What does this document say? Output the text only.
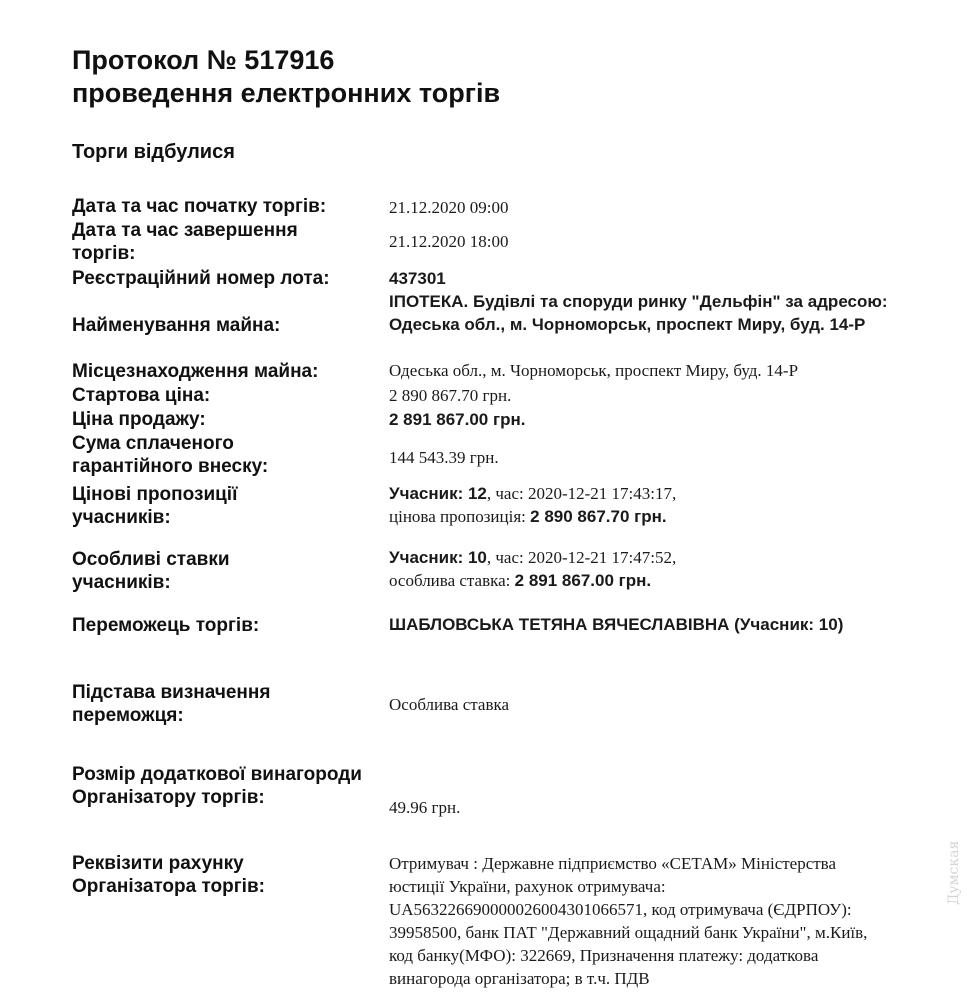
Протокол № 517916
проведення електронних торгів
Торги відбулися
Дата та час початку торгів:	21.12.2020 09:00
Дата та час завершення торгів:
21.12.2020 18:00
Реєстраційний номер лота:	437301
Найменування майна:
ІПОТЕКА. Будівлі та споруди ринку "Дельфін" за адресою: Одеська обл., м. Чорноморськ, проспект Миру, буд. 14-Р
Місцезнаходження майна:	Одеська обл., м. Чорноморськ, проспект Миру, буд. 14-Р
Стартова ціна:	2 890 867.70 грн.
Ціна продажу:	2 891 867.00 грн.
Сума сплаченого гарантійного внеску:	144 543.39 грн.
Цінові пропозиції учасників:
Учасник: 12, час: 2020-12-21 17:43:17,
цінова пропозиція: 2 890 867.70 грн.
Особливі ставки учасників:
Учасник: 10, час: 2020-12-21 17:47:52,
особлива ставка: 2 891 867.00 грн.
Переможець торгів:	ШАБЛОВСЬКА ТЕТЯНА ВЯЧЕСЛАВІВНА (Учасник: 10)
Підстава визначення переможця:
Особлива ставка
Розмір додаткової винагороди Організатору торгів:	49.96 грн.
Реквізити рахунку Організатора торгів:
Отримувач : Державне підприємство «СЕТАМ» Міністерства юстиції України, рахунок отримувача: UA563226690000026004301066571, код отримувача (ЄДРПОУ): 39958500, банк ПАТ "Державний ощадний банк України", м.Київ, код банку(МФО): 322669, Призначення платежу: додаткова винагорода організатора; в т.ч. ПДВ
Думская
